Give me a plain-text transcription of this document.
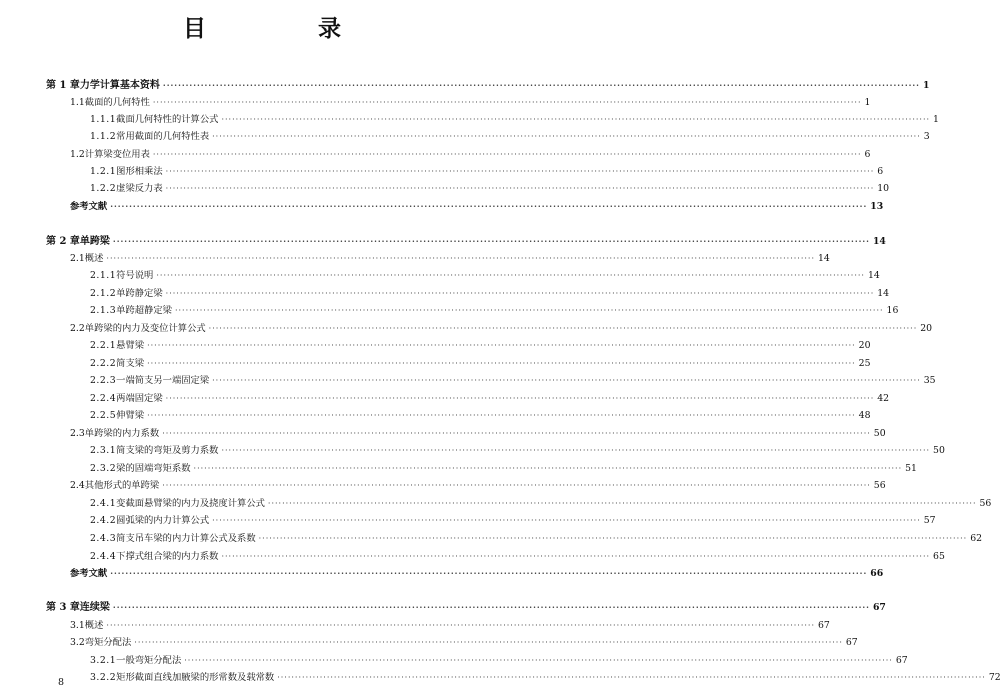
目 录
第 1 章 力学计算基本资料 ········································································································································································································ 1
1.1 截面的几何特性 ········································································································································································································ 1
1.1.1 截面几何特性的计算公式 ········································································································································································································ 1
1.1.2 常用截面的几何特性表 ········································································································································································································ 3
1.2 计算梁变位用表 ········································································································································································································ 6
1.2.1 图形相乘法 ········································································································································································································ 6
1.2.2 虚梁反力表 ········································································································································································································ 10
参考文献 ········································································································································································································ 13
第 2 章 单跨梁 ········································································································································································································ 14
2.1 概述 ········································································································································································································ 14
2.1.1 符号说明 ········································································································································································································ 14
2.1.2 单跨静定梁 ········································································································································································································ 14
2.1.3 单跨超静定梁 ········································································································································································································ 16
2.2 单跨梁的内力及变位计算公式 ········································································································································································································ 20
2.2.1 悬臂梁 ········································································································································································································ 20
2.2.2 简支梁 ········································································································································································································ 25
2.2.3 一端简支另一端固定梁 ········································································································································································································ 35
2.2.4 两端固定梁 ········································································································································································································ 42
2.2.5 伸臂梁 ········································································································································································································ 48
2.3 单跨梁的内力系数 ········································································································································································································ 50
2.3.1 简支梁的弯矩及剪力系数 ········································································································································································································ 50
2.3.2 梁的固端弯矩系数 ········································································································································································································ 51
2.4 其他形式的单跨梁 ········································································································································································································ 56
2.4.1 变截面悬臂梁的内力及挠度计算公式 ········································································································································································································ 56
2.4.2 圆弧梁的内力计算公式 ········································································································································································································ 57
2.4.3 简支吊车梁的内力计算公式及系数 ········································································································································································································ 62
2.4.4 下撑式组合梁的内力系数 ········································································································································································································ 65
参考文献 ········································································································································································································ 66
第 3 章 连续梁 ········································································································································································································ 67
3.1 概述 ········································································································································································································ 67
3.2 弯矩分配法 ········································································································································································································ 67
3.2.1 一般弯矩分配法 ········································································································································································································ 67
3.2.2 矩形截面直线加腋梁的形常数及载常数 ········································································································································································································ 72
8
